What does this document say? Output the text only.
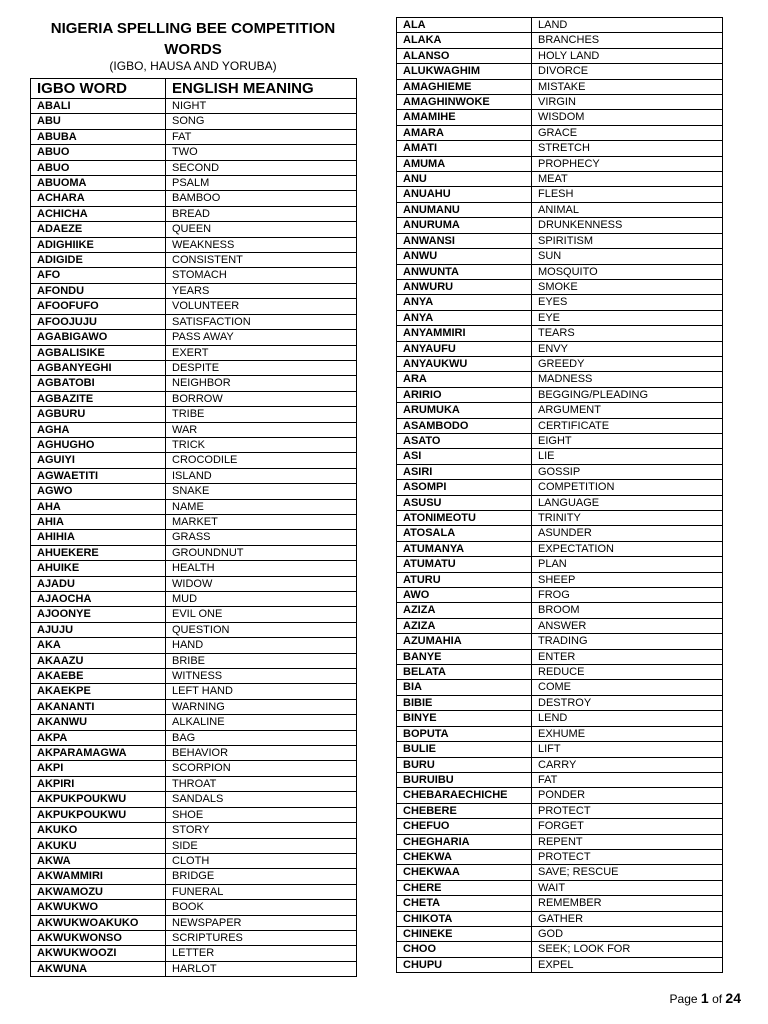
NIGERIA SPELLING BEE COMPETITION WORDS
(IGBO, HAUSA AND YORUBA)
IGBO WORD	ENGLISH MEANING
ABALI	NIGHT
ABU	SONG
ABUBA	FAT
ABUO	TWO
ABUO	SECOND
ABUOMA	PSALM
ACHARA	BAMBOO
ACHICHA	BREAD
ADAEZE	QUEEN
ADIGHIIKE	WEAKNESS
ADIGIDE	CONSISTENT
AFO	STOMACH
AFONDU	YEARS
AFOOFUFO	VOLUNTEER
AFOOJUJU	SATISFACTION
AGABIGAWO	PASS AWAY
AGBALISIKE	EXERT
AGBANYEGHI	DESPITE
AGBATOBI	NEIGHBOR
AGBAZITE	BORROW
AGBURU	TRIBE
AGHA	WAR
AGHUGHO	TRICK
AGUIYI	CROCODILE
AGWAETITI	ISLAND
AGWO	SNAKE
AHA	NAME
AHIA	MARKET
AHIHIA	GRASS
AHUEKERE	GROUNDNUT
AHUIKE	HEALTH
AJADU	WIDOW
AJAOCHA	MUD
AJOONYE	EVIL ONE
AJUJU	QUESTION
AKA	HAND
AKAAZU	BRIBE
AKAEBE	WITNESS
AKAEKPE	LEFT HAND
AKANANTI	WARNING
AKANWU	ALKALINE
AKPA	BAG
AKPARAMAGWA	BEHAVIOR
AKPI	SCORPION
AKPIRI	THROAT
AKPUKPOUKWU	SANDALS
AKPUKPOUKWU	SHOE
AKUKO	STORY
AKUKU	SIDE
AKWA	CLOTH
AKWAMMIRI	BRIDGE
AKWAMOZU	FUNERAL
AKWUKWO	BOOK
AKWUKWOAKUKO	NEWSPAPER
AKWUKWONSO	SCRIPTURES
AKWUKWOOZI	LETTER
AKWUNA	HARLOT
ALA	LAND
ALAKA	BRANCHES
ALANSO	HOLY LAND
ALUKWAGHIM	DIVORCE
AMAGHIEME	MISTAKE
AMAGHINWOKE	VIRGIN
AMAMIHE	WISDOM
AMARA	GRACE
AMATI	STRETCH
AMUMA	PROPHECY
ANU	MEAT
ANUAHU	FLESH
ANUMANU	ANIMAL
ANURUMA	DRUNKENNESS
ANWANSI	SPIRITISM
ANWU	SUN
ANWUNTA	MOSQUITO
ANWURU	SMOKE
ANYA	EYES
ANYA	EYE
ANYAMMIRI	TEARS
ANYAUFU	ENVY
ANYAUKWU	GREEDY
ARA	MADNESS
ARIRIO	BEGGING/PLEADING
ARUMUKA	ARGUMENT
ASAMBODO	CERTIFICATE
ASATO	EIGHT
ASI	LIE
ASIRI	GOSSIP
ASOMPI	COMPETITION
ASUSU	LANGUAGE
ATONIMEOTU	TRINITY
ATOSALA	ASUNDER
ATUMANYA	EXPECTATION
ATUMATU	PLAN
ATURU	SHEEP
AWO	FROG
AZIZA	BROOM
AZIZA	ANSWER
AZUMAHIA	TRADING
BANYE	ENTER
BELATA	REDUCE
BIA	COME
BIBIE	DESTROY
BINYE	LEND
BOPUTA	EXHUME
BULIE	LIFT
BURU	CARRY
BURUIBU	FAT
CHEBARAECHICHE	PONDER
CHEBERE	PROTECT
CHEFUO	FORGET
CHEGHARIA	REPENT
CHEKWA	PROTECT
CHEKWAA	SAVE; RESCUE
CHERE	WAIT
CHETA	REMEMBER
CHIKOTA	GATHER
CHINEKE	GOD
CHOO	SEEK; LOOK FOR
CHUPU	EXPEL
Page 1 of 24
